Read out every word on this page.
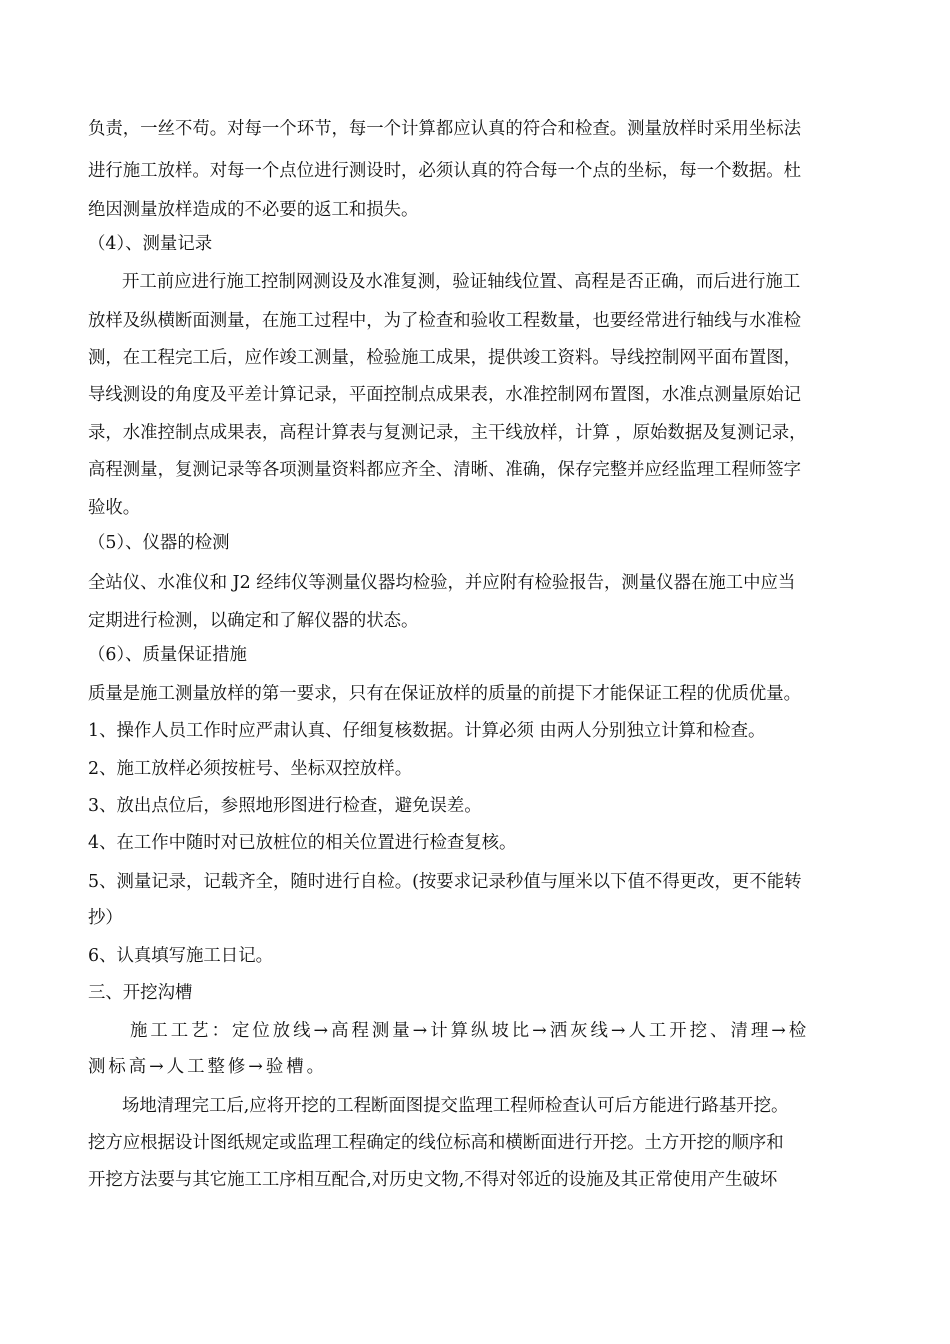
负责，一丝不苟。对每一个环节，每一个计算都应认真的符合和检查。测量放样时采用坐标法
进行施工放样。对每一个点位进行测设时，必须认真的符合每一个点的坐标，每一个数据。杜
绝因测量放样造成的不必要的返工和损失。
（4）、测量记录
开工前应进行施工控制网测设及水准复测，验证轴线位置、高程是否正确，而后进行施工
放样及纵横断面测量，在施工过程中，为了检查和验收工程数量，也要经常进行轴线与水准检
测，在工程完工后，应作竣工测量，检验施工成果，提供竣工资料。导线控制网平面布置图，
导线测设的角度及平差计算记录，平面控制点成果表，水准控制网布置图，水准点测量原始记
录，水准控制点成果表，高程计算表与复测记录，主干线放样，计算 ，原始数据及复测记录，
高程测量，复测记录等各项测量资料都应齐全、清晰、准确，保存完整并应经监理工程师签字
验收。
（5）、仪器的检测
全站仪、水准仪和 J2 经纬仪等测量仪器均检验，并应附有检验报告，测量仪器在施工中应当
定期进行检测，以确定和了解仪器的状态。
（6）、质量保证措施
质量是施工测量放样的第一要求，只有在保证放样的质量的前提下才能保证工程的优质优量。
1、操作人员工作时应严肃认真、仔细复核数据。计算必须 由两人分别独立计算和检查。
2、施工放样必须按桩号、坐标双控放样。
3、放出点位后，参照地形图进行检查，避免误差。
4、在工作中随时对已放桩位的相关位置进行检查复核。
5、测量记录，记载齐全，随时进行自检。(按要求记录秒值与厘米以下值不得更改，更不能转
抄）
6、认真填写施工日记。
三、开挖沟槽
施工工艺：定位放线→高程测量→计算纵坡比→洒灰线→人工开挖、清理→检
测标高→人工整修→验槽。
场地清理完工后,应将开挖的工程断面图提交监理工程师检查认可后方能进行路基开挖。
挖方应根据设计图纸规定或监理工程确定的线位标高和横断面进行开挖。土方开挖的顺序和
开挖方法要与其它施工工序相互配合,对历史文物,不得对邻近的设施及其正常使用产生破坏
